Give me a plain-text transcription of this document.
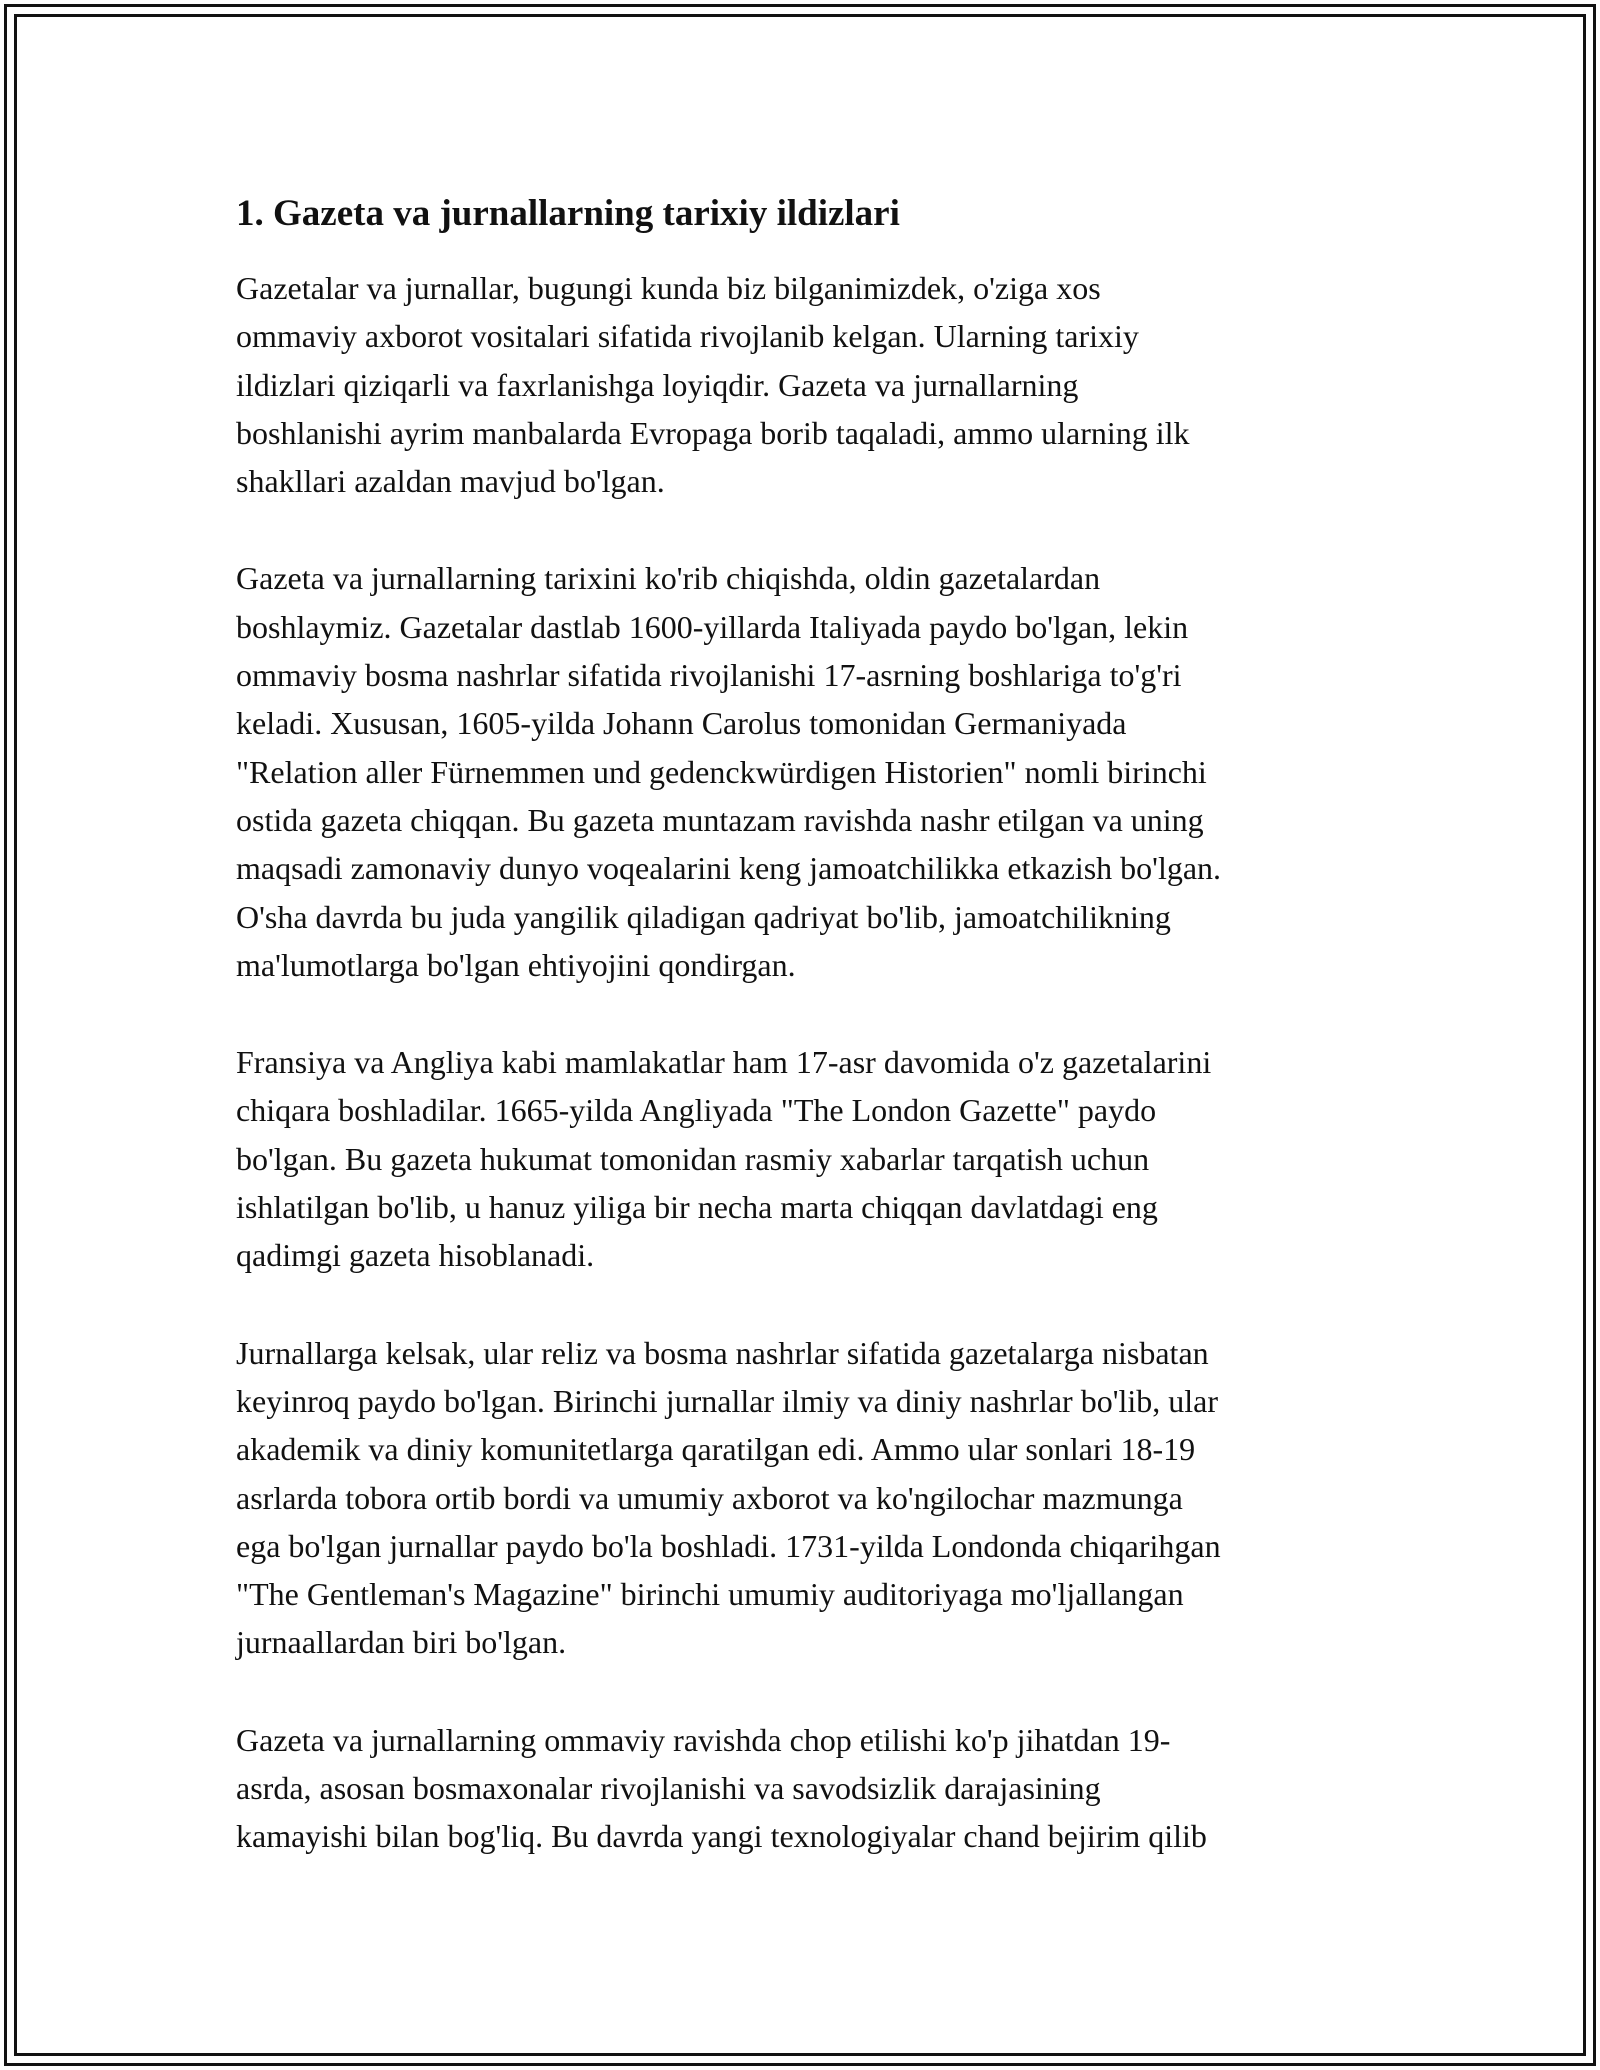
1. Gazeta va jurnallarning tarixiy ildizlari

Gazetalar va jurnallar, bugungi kunda biz bilganimizdek, o'ziga xos
ommaviy axborot vositalari sifatida rivojlanib kelgan. Ularning tarixiy
ildizlari qiziqarli va faxrlanishga loyiqdir. Gazeta va jurnallarning
boshlanishi ayrim manbalarda Evropaga borib taqaladi, ammo ularning ilk
shakllari azaldan mavjud bo'lgan.

Gazeta va jurnallarning tarixini ko'rib chiqishda, oldin gazetalardan
boshlaymiz. Gazetalar dastlab 1600-yillarda Italiyada paydo bo'lgan, lekin
ommaviy bosma nashrlar sifatida rivojlanishi 17-asrning boshlariga to'g'ri
keladi. Xususan, 1605-yilda Johann Carolus tomonidan Germaniyada
"Relation aller Fürnemmen und gedenckwürdigen Historien" nomli birinchi
ostida gazeta chiqqan. Bu gazeta muntazam ravishda nashr etilgan va uning
maqsadi zamonaviy dunyo voqealarini keng jamoatchilikka etkazish bo'lgan.
O'sha davrda bu juda yangilik qiladigan qadriyat bo'lib, jamoatchilikning
ma'lumotlarga bo'lgan ehtiyojini qondirgan.

Fransiya va Angliya kabi mamlakatlar ham 17-asr davomida o'z gazetalarini
chiqara boshladilar. 1665-yilda Angliyada "The London Gazette" paydo
bo'lgan. Bu gazeta hukumat tomonidan rasmiy xabarlar tarqatish uchun
ishlatilgan bo'lib, u hanuz yiliga bir necha marta chiqqan davlatdagi eng
qadimgi gazeta hisoblanadi.

Jurnallarga kelsak, ular reliz va bosma nashrlar sifatida gazetalarga nisbatan
keyinroq paydo bo'lgan. Birinchi jurnallar ilmiy va diniy nashrlar bo'lib, ular
akademik va diniy komunitetlarga qaratilgan edi. Ammo ular sonlari 18-19
asrlarda tobora ortib bordi va umumiy axborot va ko'ngilochar mazmunga
ega bo'lgan jurnallar paydo bo'la boshladi. 1731-yilda Londonda chiqarihgan
"The Gentleman's Magazine" birinchi umumiy auditoriyaga mo'ljallangan
jurnaallardan biri bo'lgan.

Gazeta va jurnallarning ommaviy ravishda chop etilishi ko'p jihatdan 19-
asrda, asosan bosmaxonalar rivojlanishi va savodsizlik darajasining
kamayishi bilan bog'liq. Bu davrda yangi texnologiyalar chand bejirim qilib
